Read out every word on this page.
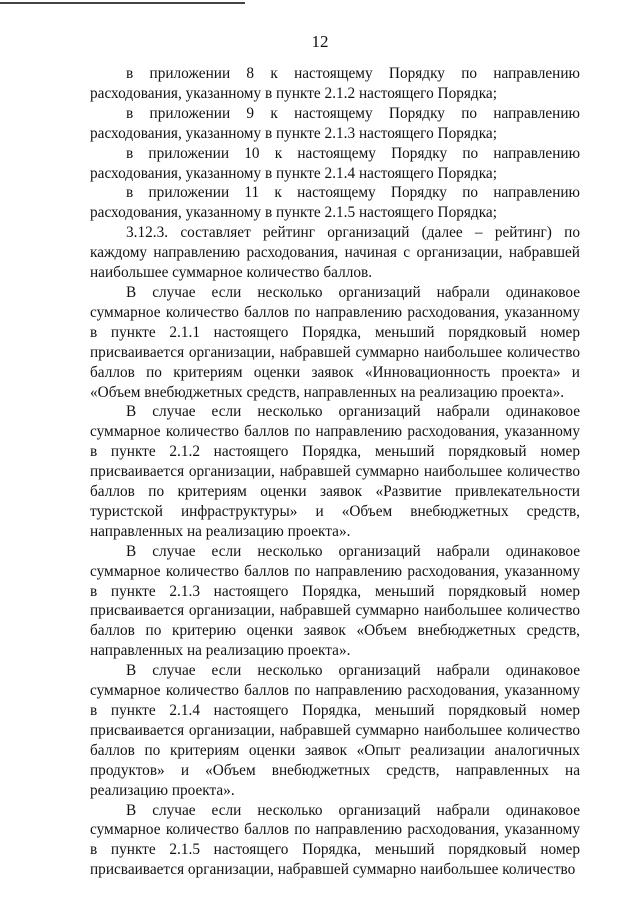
12

в приложении 8 к настоящему Порядку по направлению расходования, указанному в пункте 2.1.2 настоящего Порядка;

в приложении 9 к настоящему Порядку по направлению расходования, указанному в пункте 2.1.3 настоящего Порядка;

в приложении 10 к настоящему Порядку по направлению расходования, указанному в пункте 2.1.4 настоящего Порядка;

в приложении 11 к настоящему Порядку по направлению расходования, указанному в пункте 2.1.5 настоящего Порядка;

3.12.3. составляет рейтинг организаций (далее – рейтинг) по каждому направлению расходования, начиная с организации, набравшей наибольшее суммарное количество баллов.

В случае если несколько организаций набрали одинаковое суммарное количество баллов по направлению расходования, указанному в пункте 2.1.1 настоящего Порядка, меньший порядковый номер присваивается организации, набравшей суммарно наибольшее количество баллов по критериям оценки заявок «Инновационность проекта» и «Объем внебюджетных средств, направленных на реализацию проекта».

В случае если несколько организаций набрали одинаковое суммарное количество баллов по направлению расходования, указанному в пункте 2.1.2 настоящего Порядка, меньший порядковый номер присваивается организации, набравшей суммарно наибольшее количество баллов по критериям оценки заявок «Развитие привлекательности туристской инфраструктуры» и «Объем внебюджетных средств, направленных на реализацию проекта».

В случае если несколько организаций набрали одинаковое суммарное количество баллов по направлению расходования, указанному в пункте 2.1.3 настоящего Порядка, меньший порядковый номер присваивается организации, набравшей суммарно наибольшее количество баллов по критерию оценки заявок «Объем внебюджетных средств, направленных на реализацию проекта».

В случае если несколько организаций набрали одинаковое суммарное количество баллов по направлению расходования, указанному в пункте 2.1.4 настоящего Порядка, меньший порядковый номер присваивается организации, набравшей суммарно наибольшее количество баллов по критериям оценки заявок «Опыт реализации аналогичных продуктов» и «Объем внебюджетных средств, направленных на реализацию проекта».

В случае если несколько организаций набрали одинаковое суммарное количество баллов по направлению расходования, указанному в пункте 2.1.5 настоящего Порядка, меньший порядковый номер присваивается организации, набравшей суммарно наибольшее количество
